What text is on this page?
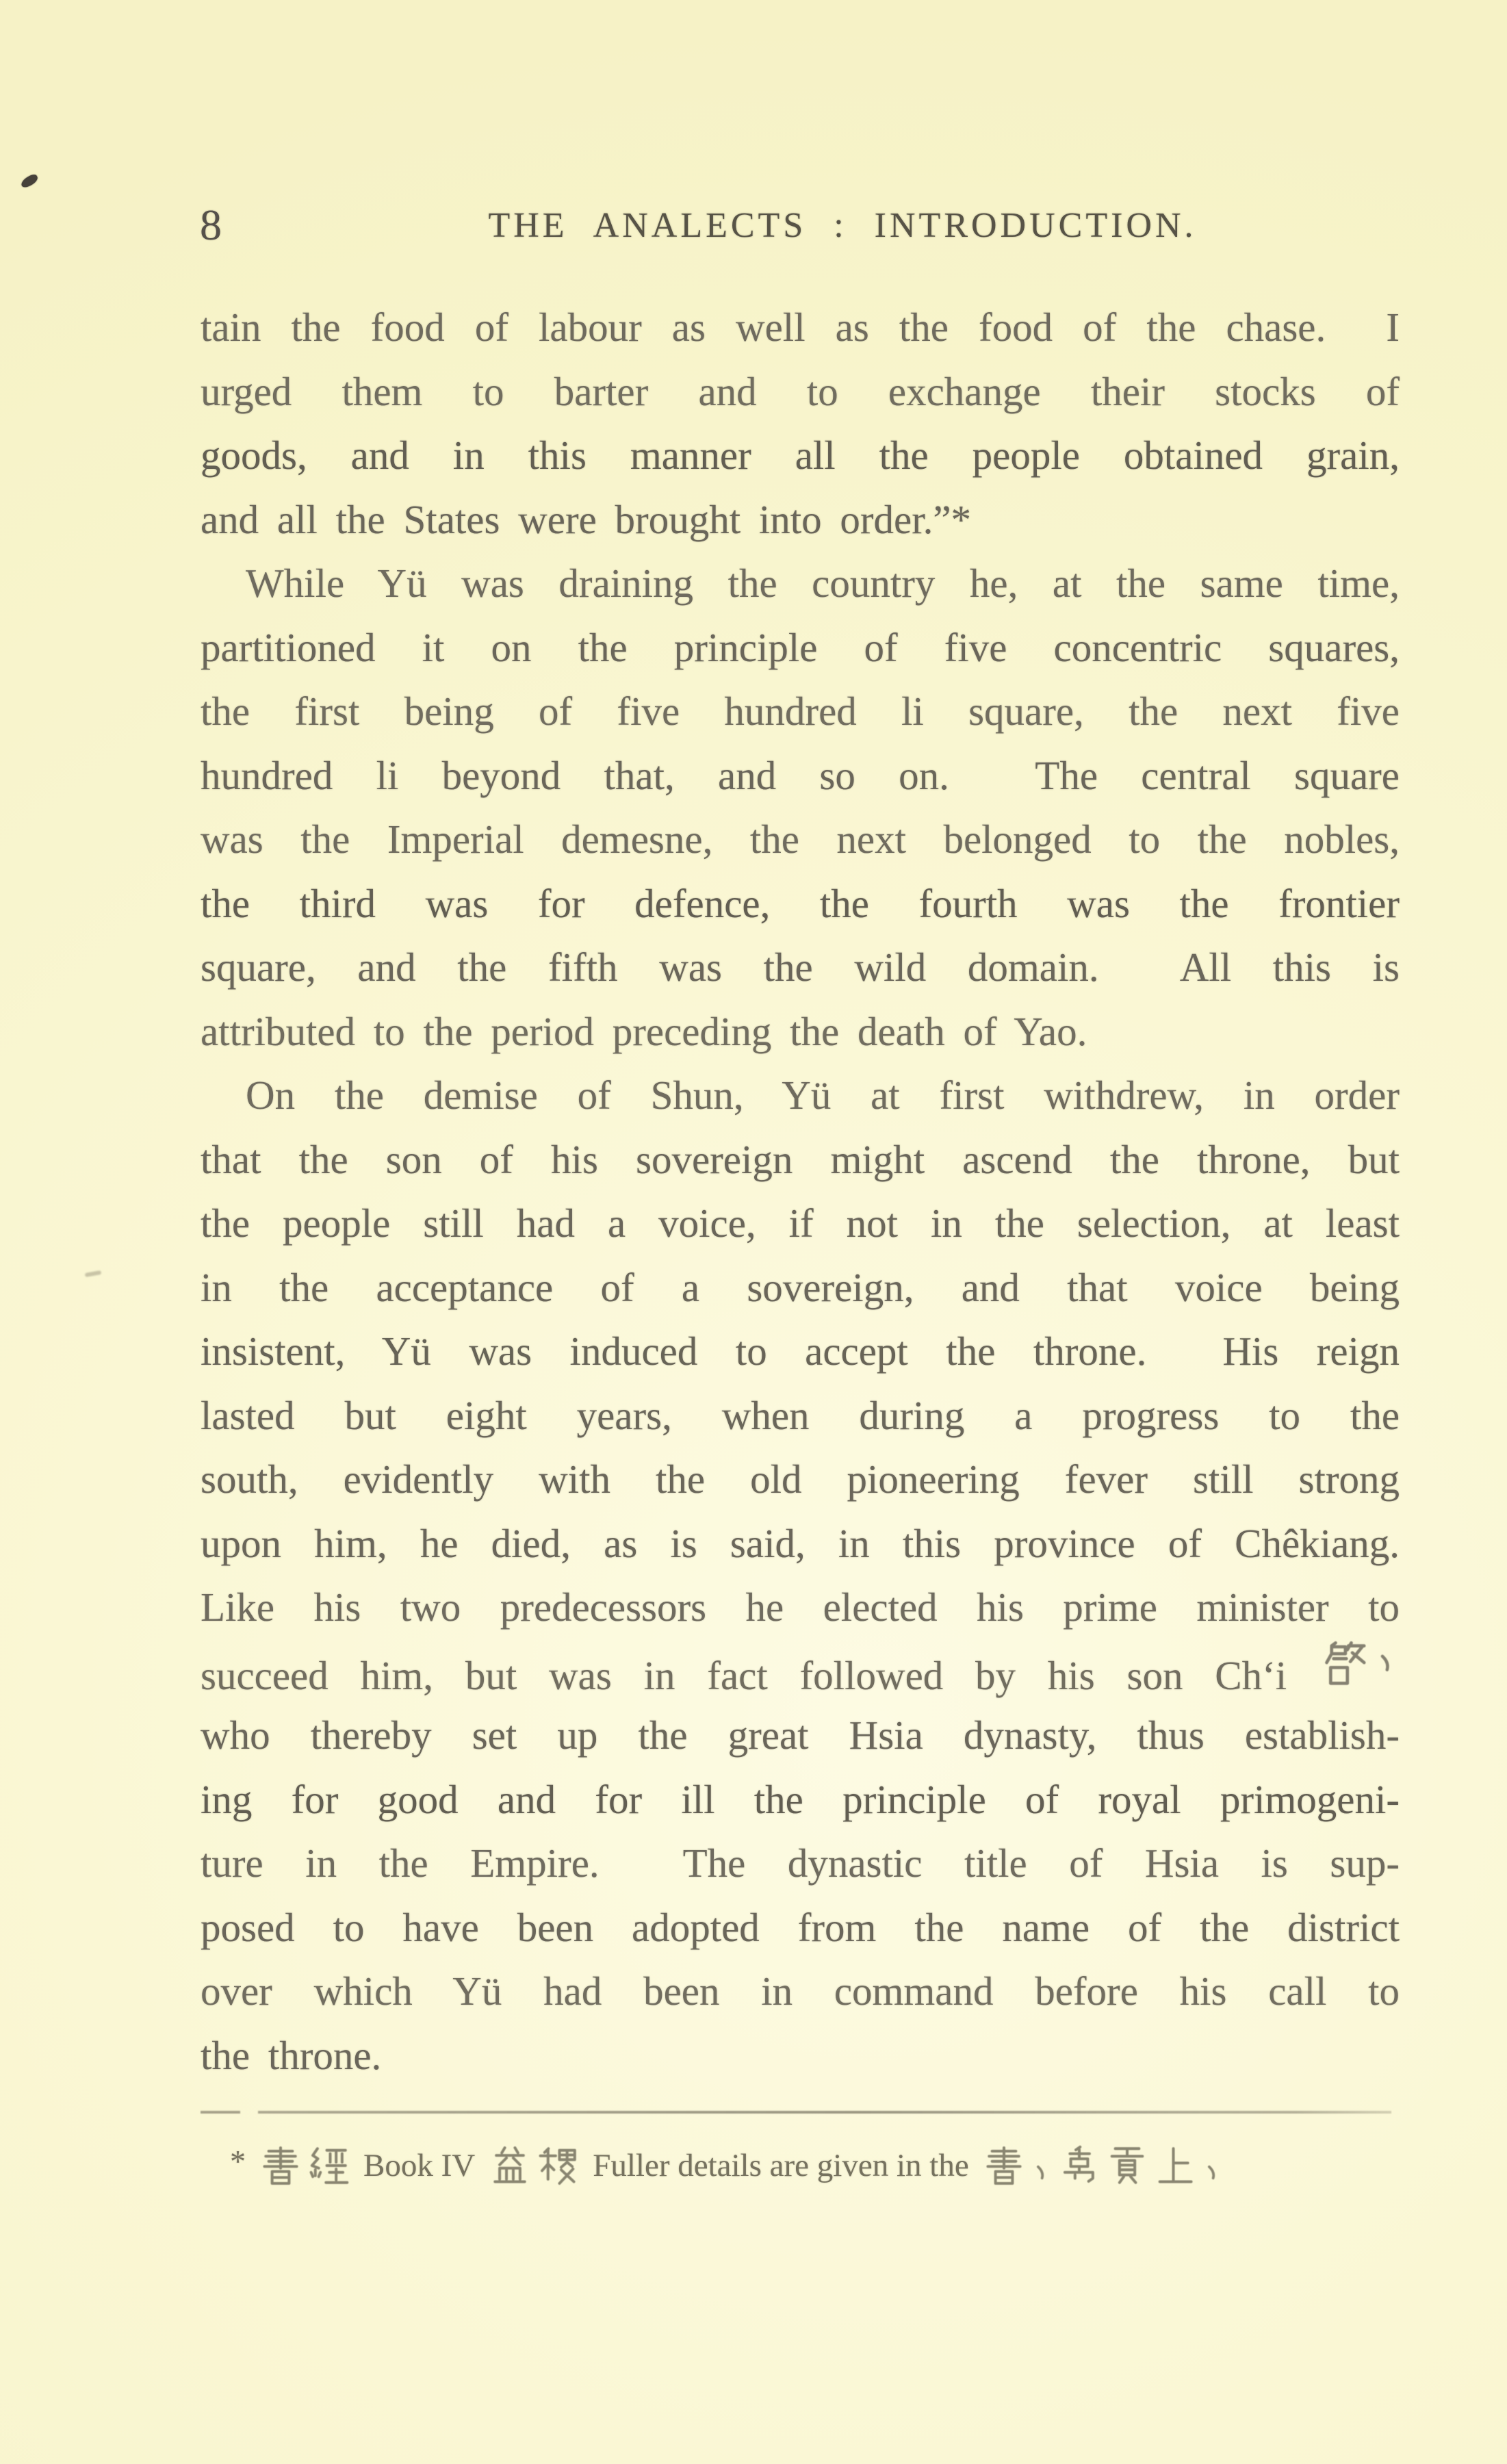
8	THE ANALECTS : INTRODUCTION.
tain the food of labour as well as the food of the chase.  I
urged them to barter and to exchange their stocks of
goods, and in this manner all the people obtained grain,
and all the States were brought into order.”*
While Yü was draining the country he, at the same time,
partitioned it on the principle of five concentric squares,
the first being of five hundred li square, the next five
hundred li beyond that, and so on.  The central square
was the Imperial demesne, the next belonged to the nobles,
the third was for defence, the fourth was the frontier
square, and the fifth was the wild domain.  All this is
attributed to the period preceding the death of Yao.
On the demise of Shun, Yü at first withdrew, in order
that the son of his sovereign might ascend the throne, but
the people still had a voice, if not in the selection, at least
in the acceptance of a sovereign, and that voice being
insistent, Yü was induced to accept the throne.  His reign
lasted but eight years, when during a progress to the
south, evidently with the old pioneering fever still strong
upon him, he died, as is said, in this province of Chêkiang.
Like his two predecessors he elected his prime minister to
succeed him, but was in fact followed by his son Ch‘i
who thereby set up the great Hsia dynasty, thus establish-
ing for good and for ill the principle of royal primogeni-
ture in the Empire.  The dynastic title of Hsia is sup-
posed to have been adopted from the name of the district
over which Yü had been in command before his call to
the throne.
*	Book IV	Fuller details are given in the
